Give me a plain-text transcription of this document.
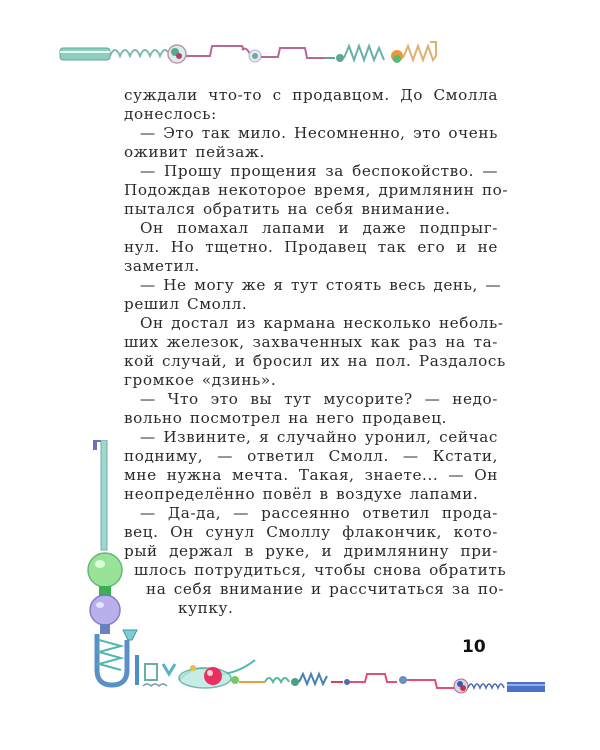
суждали что-то с продавцом. До Смолла
донеслось:
— Это так мило. Несомненно, это очень
оживит пейзаж.
— Прошу прощения за беспокойство. —
Подождав некоторое время, дримлянин по-
пытался обратить на себя внимание.
Он помахал лапами и даже подпрыг-
нул. Но тщетно. Продавец так его и не
заметил.
— Не могу же я тут стоять весь день, —
решил Смолл.
Он достал из кармана несколько неболь-
ших железок, захваченных как раз на та-
кой случай, и бросил их на пол. Раздалось
громкое «дзинь».
— Что это вы тут мусорите? — недо-
вольно посмотрел на него продавец.
— Извините, я случайно уронил, сейчас
подниму, — ответил Смолл. — Кстати,
мне нужна мечта. Такая, знаете... — Он
неопределённо повёл в воздухе лапами.
— Да-да, — рассеянно ответил прода-
вец. Он сунул Смоллу флакончик, кото-
рый держал в руке, и дримлянину при-
шлось потрудиться, чтобы снова обратить
на себя внимание и рассчитаться за по-
купку.
10
